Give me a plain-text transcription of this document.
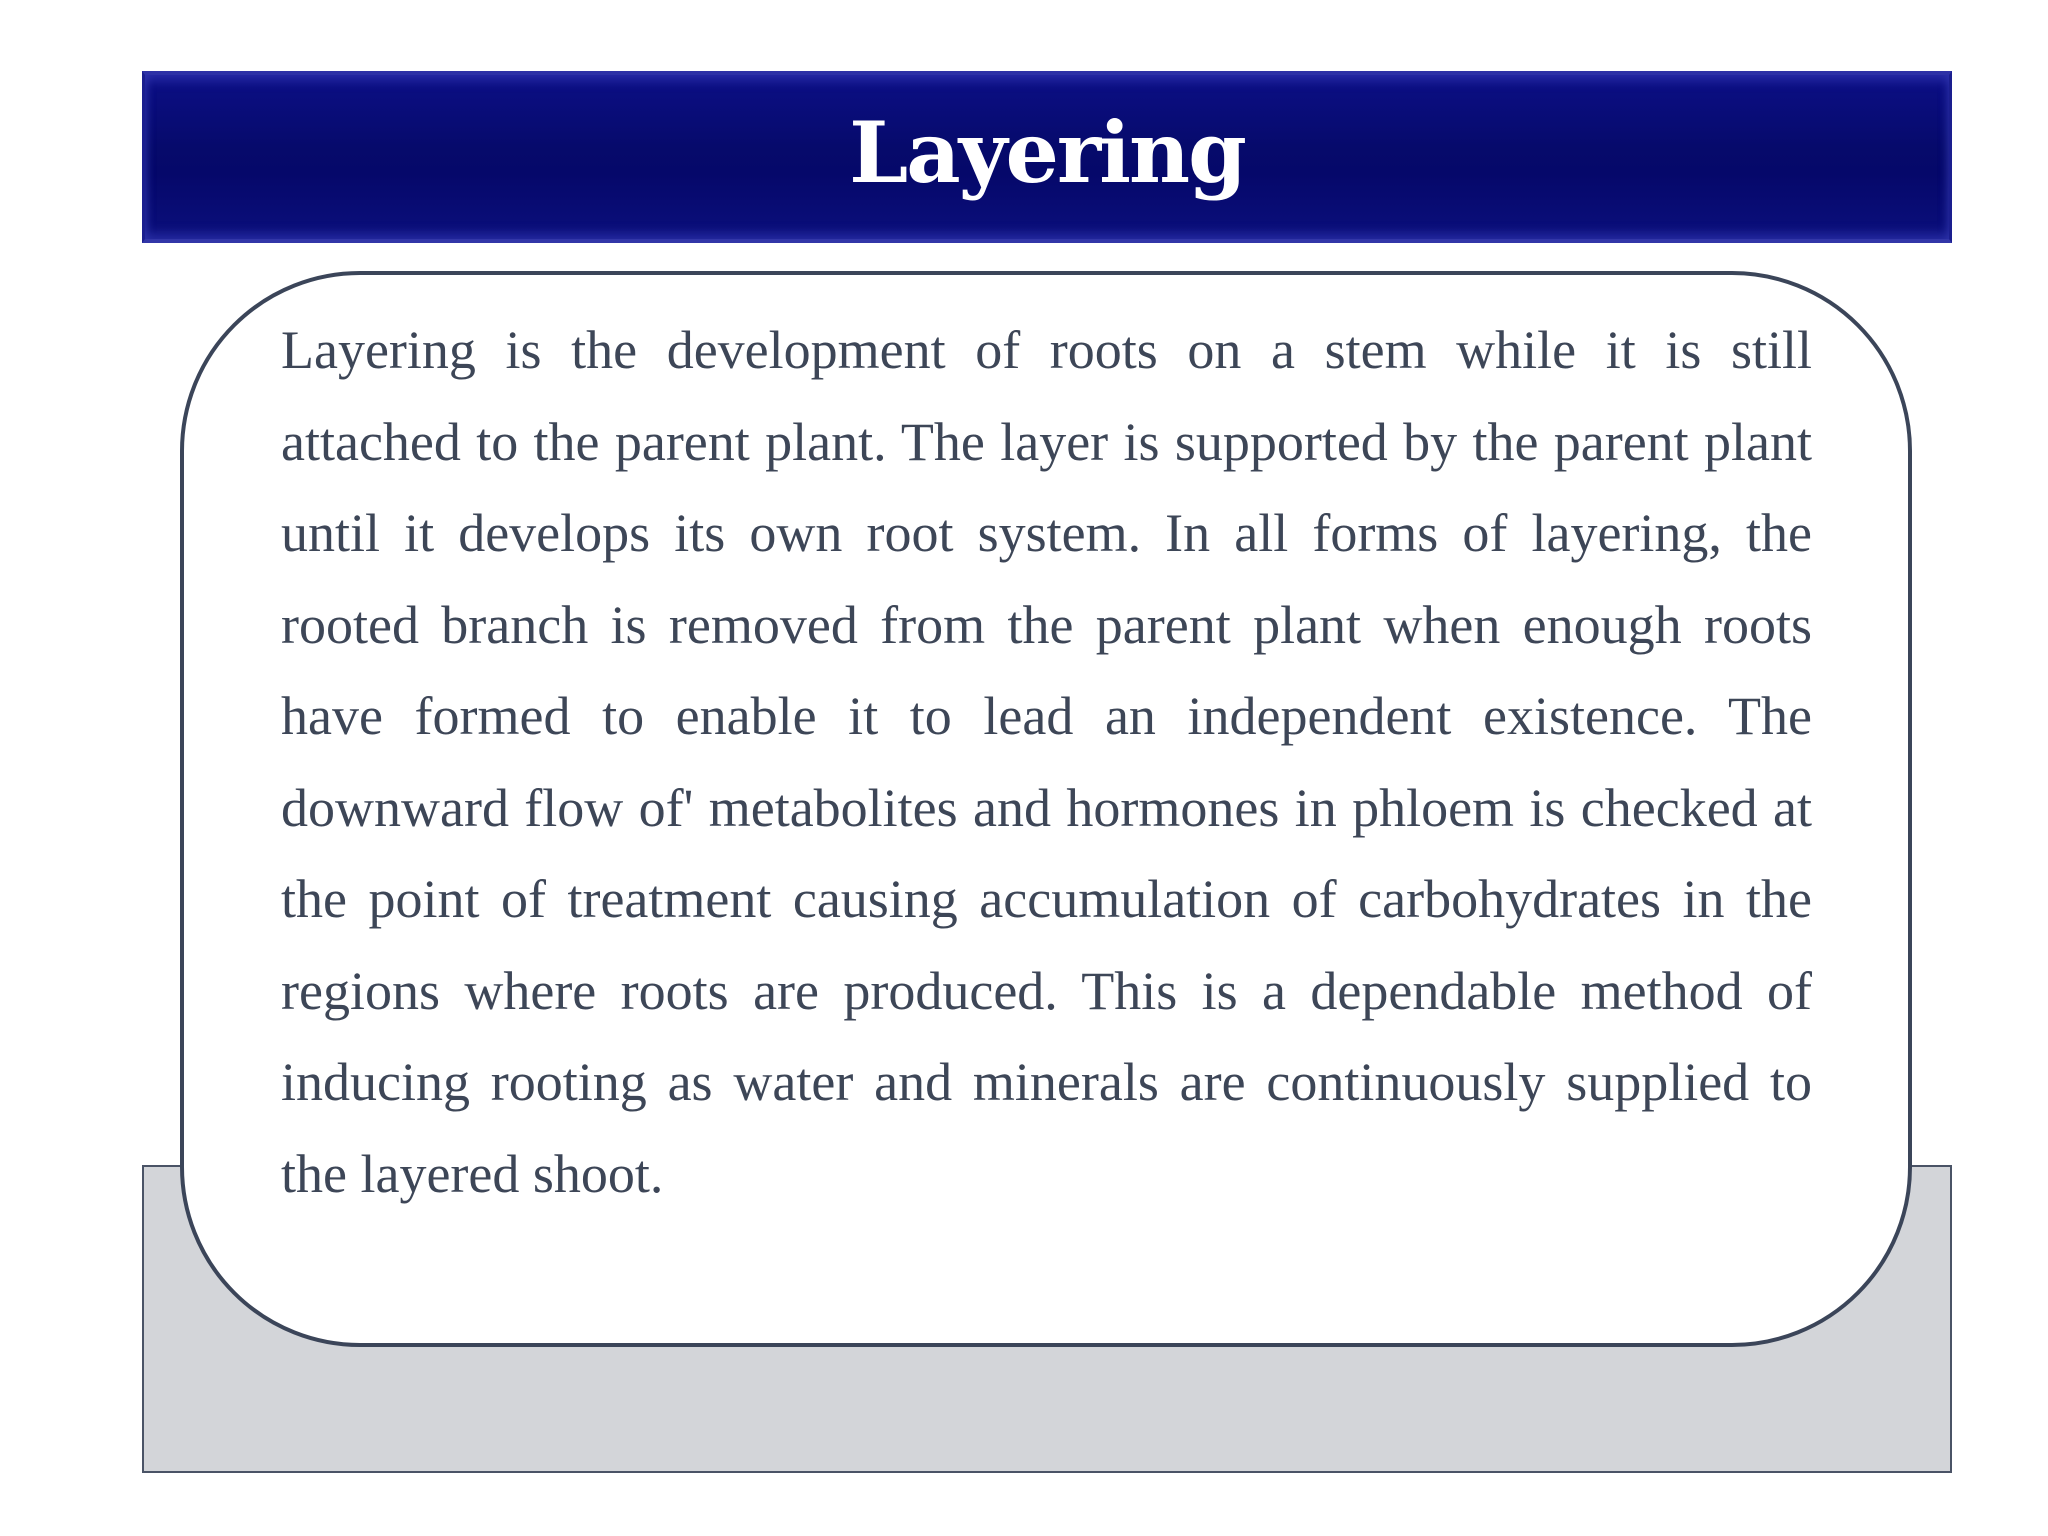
Layering

Layering is the development of roots on a stem while it is still attached to the parent plant. The layer is supported by the parent plant until it develops its own root system. In all forms of layering, the rooted branch is removed from the parent plant when enough roots have formed to enable it to lead an independent existence. The downward flow of' metabolites and hormones in phloem is checked at the point of treatment causing accumulation of carbohydrates in the regions where roots are produced. This is a dependable method of inducing rooting as water and minerals are continuously supplied to the layered shoot.
